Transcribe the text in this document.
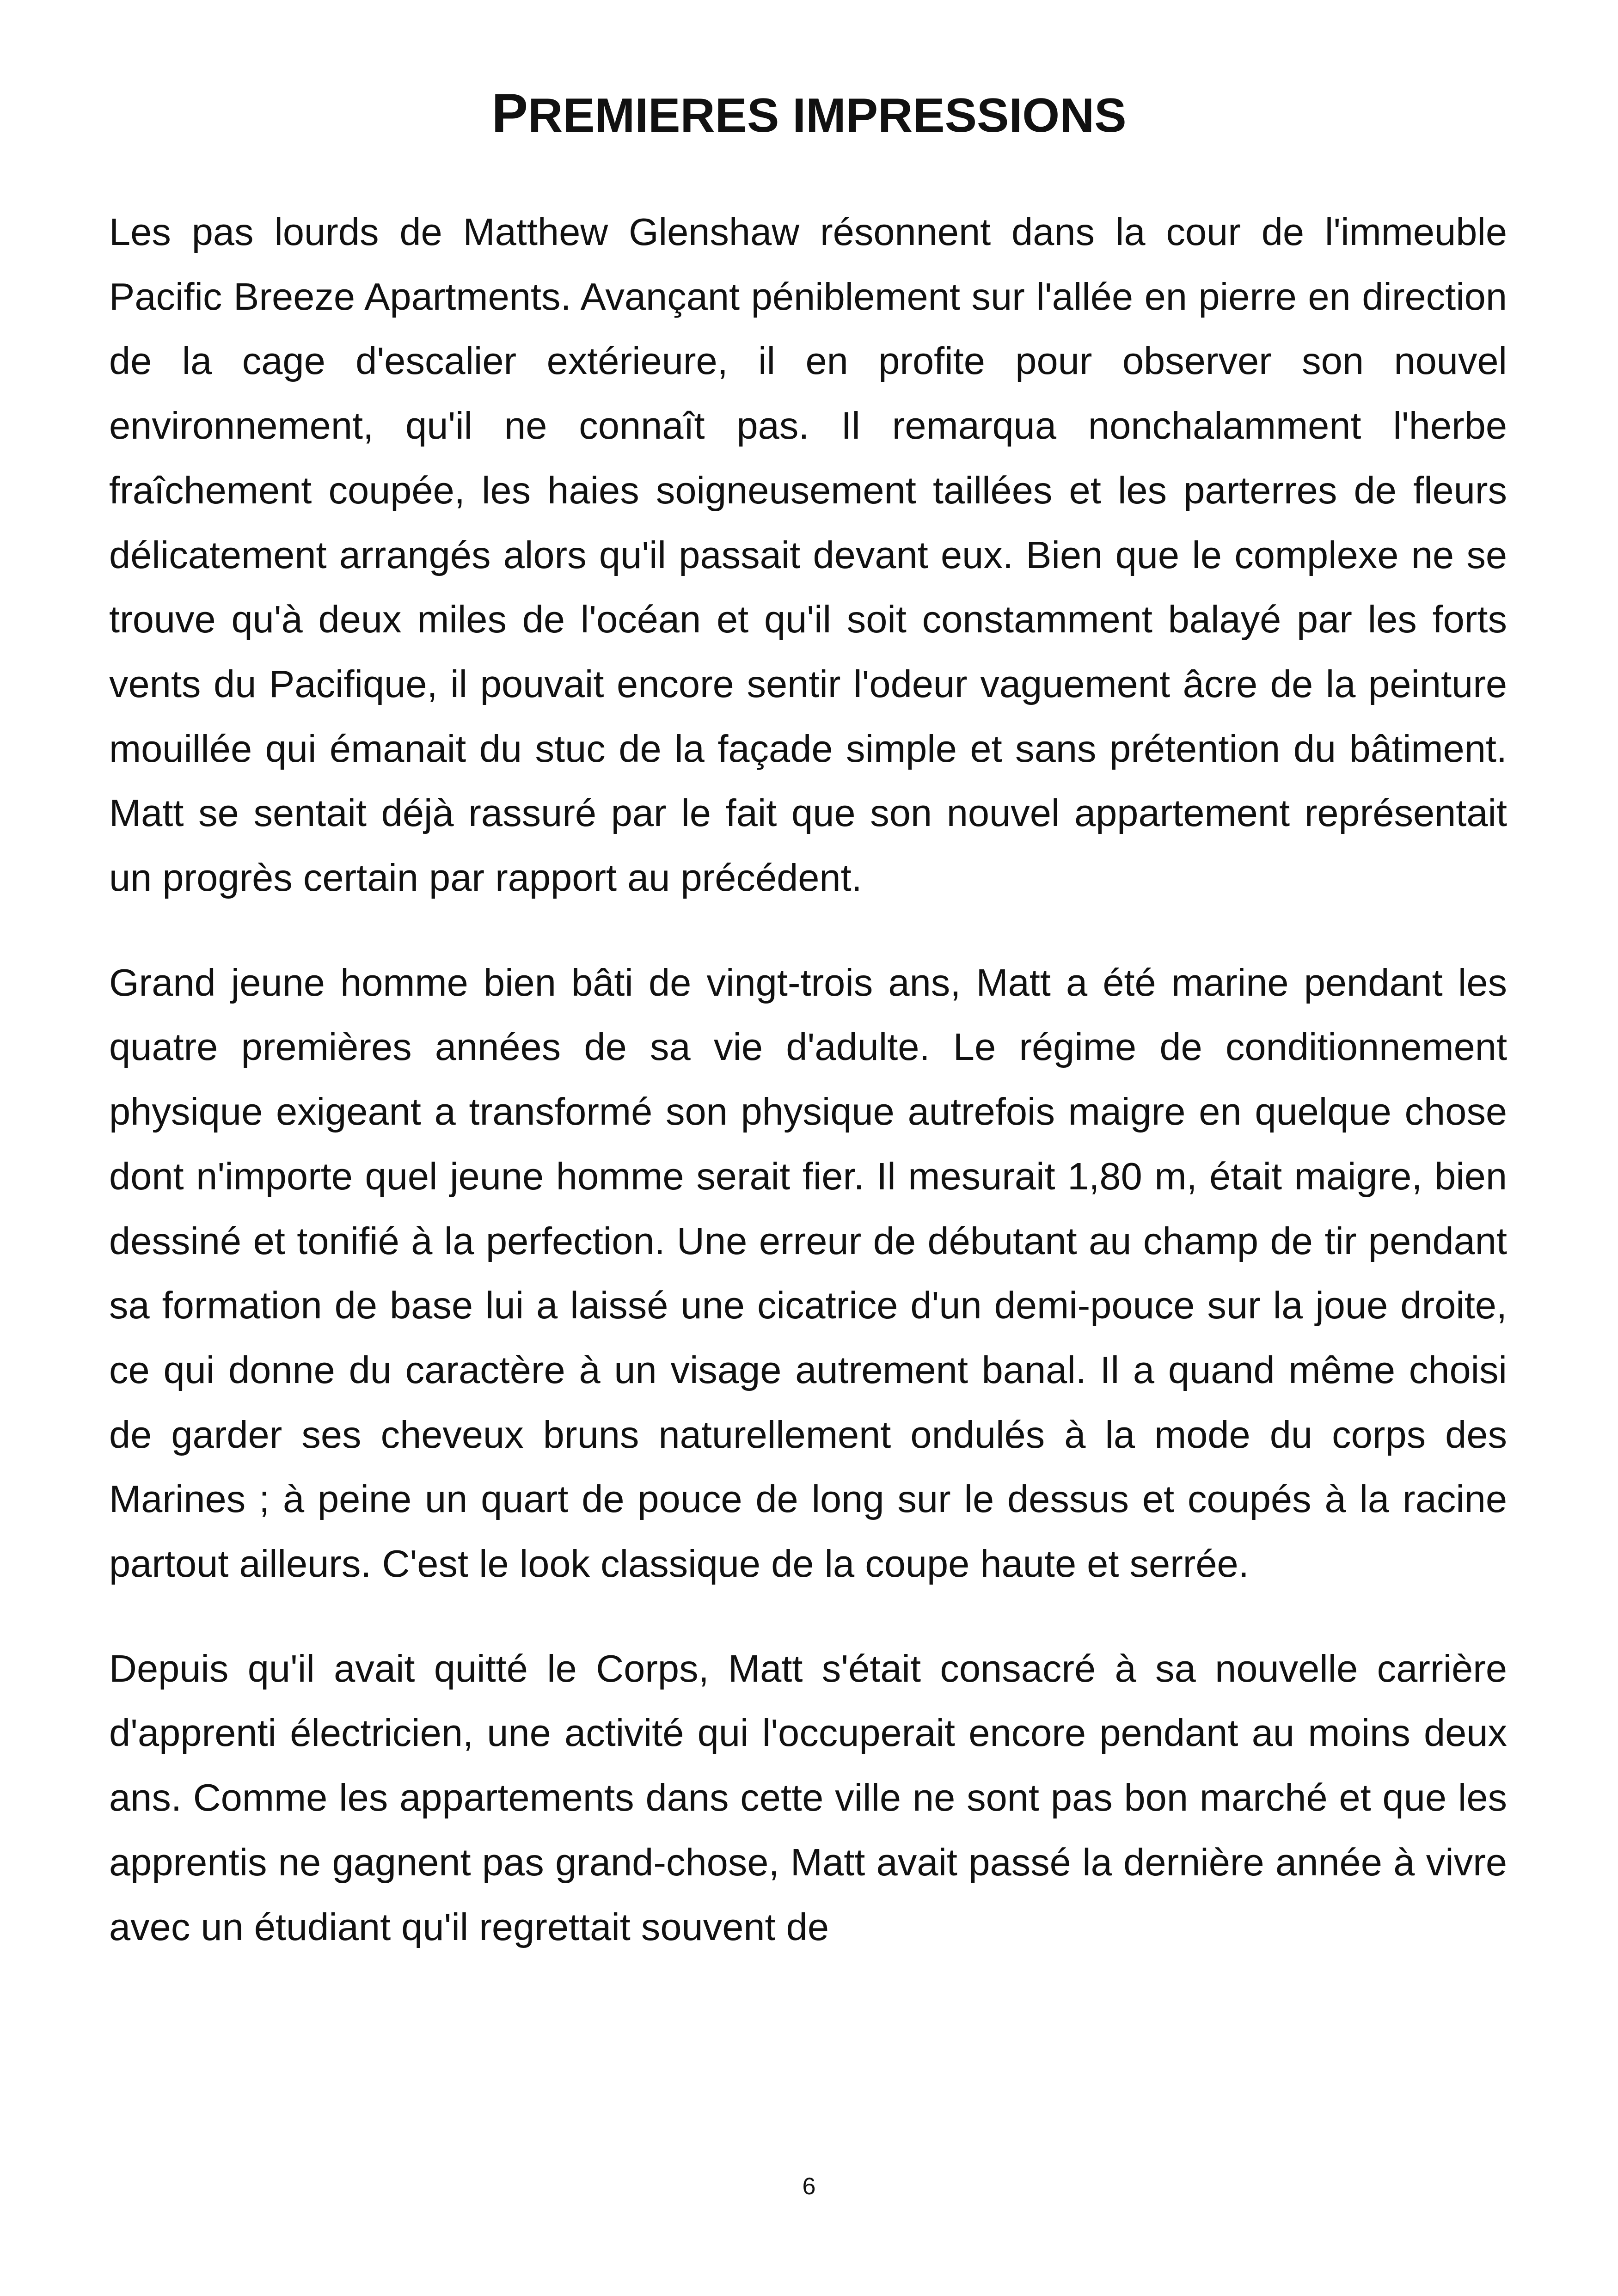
PREMIERES IMPRESSIONS

Les pas lourds de Matthew Glenshaw résonnent dans la cour de l'immeuble Pacific Breeze Apartments. Avançant péniblement sur l'allée en pierre en direction de la cage d'escalier extérieure, il en profite pour observer son nouvel environnement, qu'il ne connaît pas. Il remarqua nonchalamment l'herbe fraîchement coupée, les haies soigneusement taillées et les parterres de fleurs délicatement arrangés alors qu'il passait devant eux. Bien que le complexe ne se trouve qu'à deux miles de l'océan et qu'il soit constamment balayé par les forts vents du Pacifique, il pouvait encore sentir l'odeur vaguement âcre de la peinture mouillée qui émanait du stuc de la façade simple et sans prétention du bâtiment. Matt se sentait déjà rassuré par le fait que son nouvel appartement représentait un progrès certain par rapport au précédent.

Grand jeune homme bien bâti de vingt-trois ans, Matt a été marine pendant les quatre premières années de sa vie d'adulte. Le régime de conditionnement physique exigeant a transformé son physique autrefois maigre en quelque chose dont n'importe quel jeune homme serait fier. Il mesurait 1,80 m, était maigre, bien dessiné et tonifié à la perfection. Une erreur de débutant au champ de tir pendant sa formation de base lui a laissé une cicatrice d'un demi-pouce sur la joue droite, ce qui donne du caractère à un visage autrement banal. Il a quand même choisi de garder ses cheveux bruns naturellement ondulés à la mode du corps des Marines ; à peine un quart de pouce de long sur le dessus et coupés à la racine partout ailleurs. C'est le look classique de la coupe haute et serrée.

Depuis qu'il avait quitté le Corps, Matt s'était consacré à sa nouvelle carrière d'apprenti électricien, une activité qui l'occuperait encore pendant au moins deux ans. Comme les appartements dans cette ville ne sont pas bon marché et que les apprentis ne gagnent pas grand-chose, Matt avait passé la dernière année à vivre avec un étudiant qu'il regrettait souvent de

6
